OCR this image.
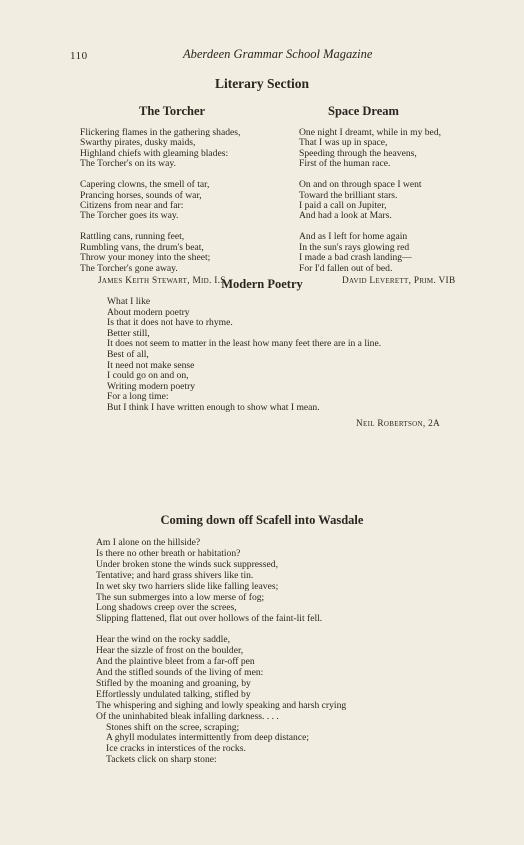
110	Aberdeen Grammar School Magazine
Literary Section
The Torcher
Flickering flames in the gathering shades,
Swarthy pirates, dusky maids,
Highland chiefs with gleaming blades:
The Torcher's on its way.
Capering clowns, the smell of tar,
Prancing horses, sounds of war,
Citizens from near and far:
The Torcher goes its way.
Rattling cans, running feet,
Rumbling vans, the drum's beat,
Throw your money into the sheet;
The Torcher's gone away.
James Keith Stewart, Mid. I.S
Space Dream
One night I dreamt, while in my bed,
That I was up in space,
Speeding through the heavens,
First of the human race.
On and on through space I went
Toward the brilliant stars.
I paid a call on Jupiter,
And had a look at Mars.
And as I left for home again
In the sun's rays glowing red
I made a bad crash landing—
For I'd fallen out of bed.
David Leverett, Prim. VIB
Modern Poetry
What I like
About modern poetry
Is that it does not have to rhyme.
Better still,
It does not seem to matter in the least how many feet there are in a line.
Best of all,
It need not make sense
I could go on and on,
Writing modern poetry
For a long time:
But I think I have written enough to show what I mean.
Neil Robertson, 2A
Coming down off Scafell into Wasdale
Am I alone on the hillside?
Is there no other breath or habitation?
Under broken stone the winds suck suppressed,
Tentative; and hard grass shivers like tin.
In wet sky two harriers slide like falling leaves;
The sun submerges into a low merse of fog;
Long shadows creep over the screes,
Slipping flattened, flat out over hollows of the faint-lit fell.
Hear the wind on the rocky saddle,
Hear the sizzle of frost on the boulder,
And the plaintive bleet from a far-off pen
And the stifled sounds of the living of men:
Stifled by the moaning and groaning, by
Effortlessly undulated talking, stifled by
The whispering and sighing and lowly speaking and harsh crying
Of the uninhabited bleak infalling darkness. . . .
Stones shift on the scree, scraping;
A ghyll modulates intermittently from deep distance;
Ice cracks in interstices of the rocks.
Tackets click on sharp stone:
